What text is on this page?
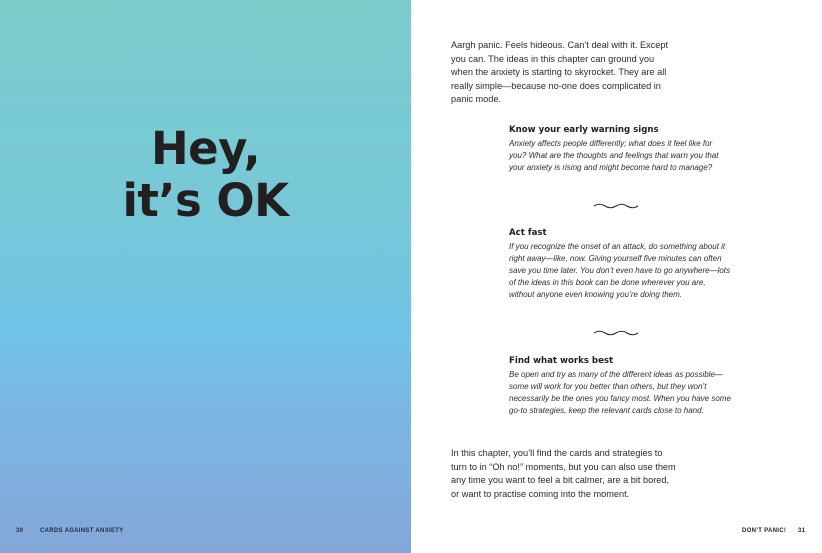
Hey,
it’s OK
30	CARDS AGAINST ANXIETY

Aargh panic. Feels hideous. Can’t deal with it. Except you can. The ideas in this chapter can ground you when the anxiety is starting to skyrocket. They are all really simple—because no-one does complicated in panic mode.

Know your early warning signs

Anxiety affects people differently; what does it feel like for you? What are the thoughts and feelings that warn you that your anxiety is rising and might become hard to manage?

Act fast

If you recognize the onset of an attack, do something about it right away—like, now. Giving yourself five minutes can often save you time later. You don’t even have to go anywhere—lots of the ideas in this book can be done wherever you are, without anyone even knowing you’re doing them.

Find what works best

Be open and try as many of the different ideas as possible—some will work for you better than others, but they won’t necessarily be the ones you fancy most. When you have some go-to strategies, keep the relevant cards close to hand.

In this chapter, you’ll find the cards and strategies to turn to in “Oh no!” moments, but you can also use them any time you want to feel a bit calmer, are a bit bored, or want to practise coming into the moment.

DON’T PANIC! 31
